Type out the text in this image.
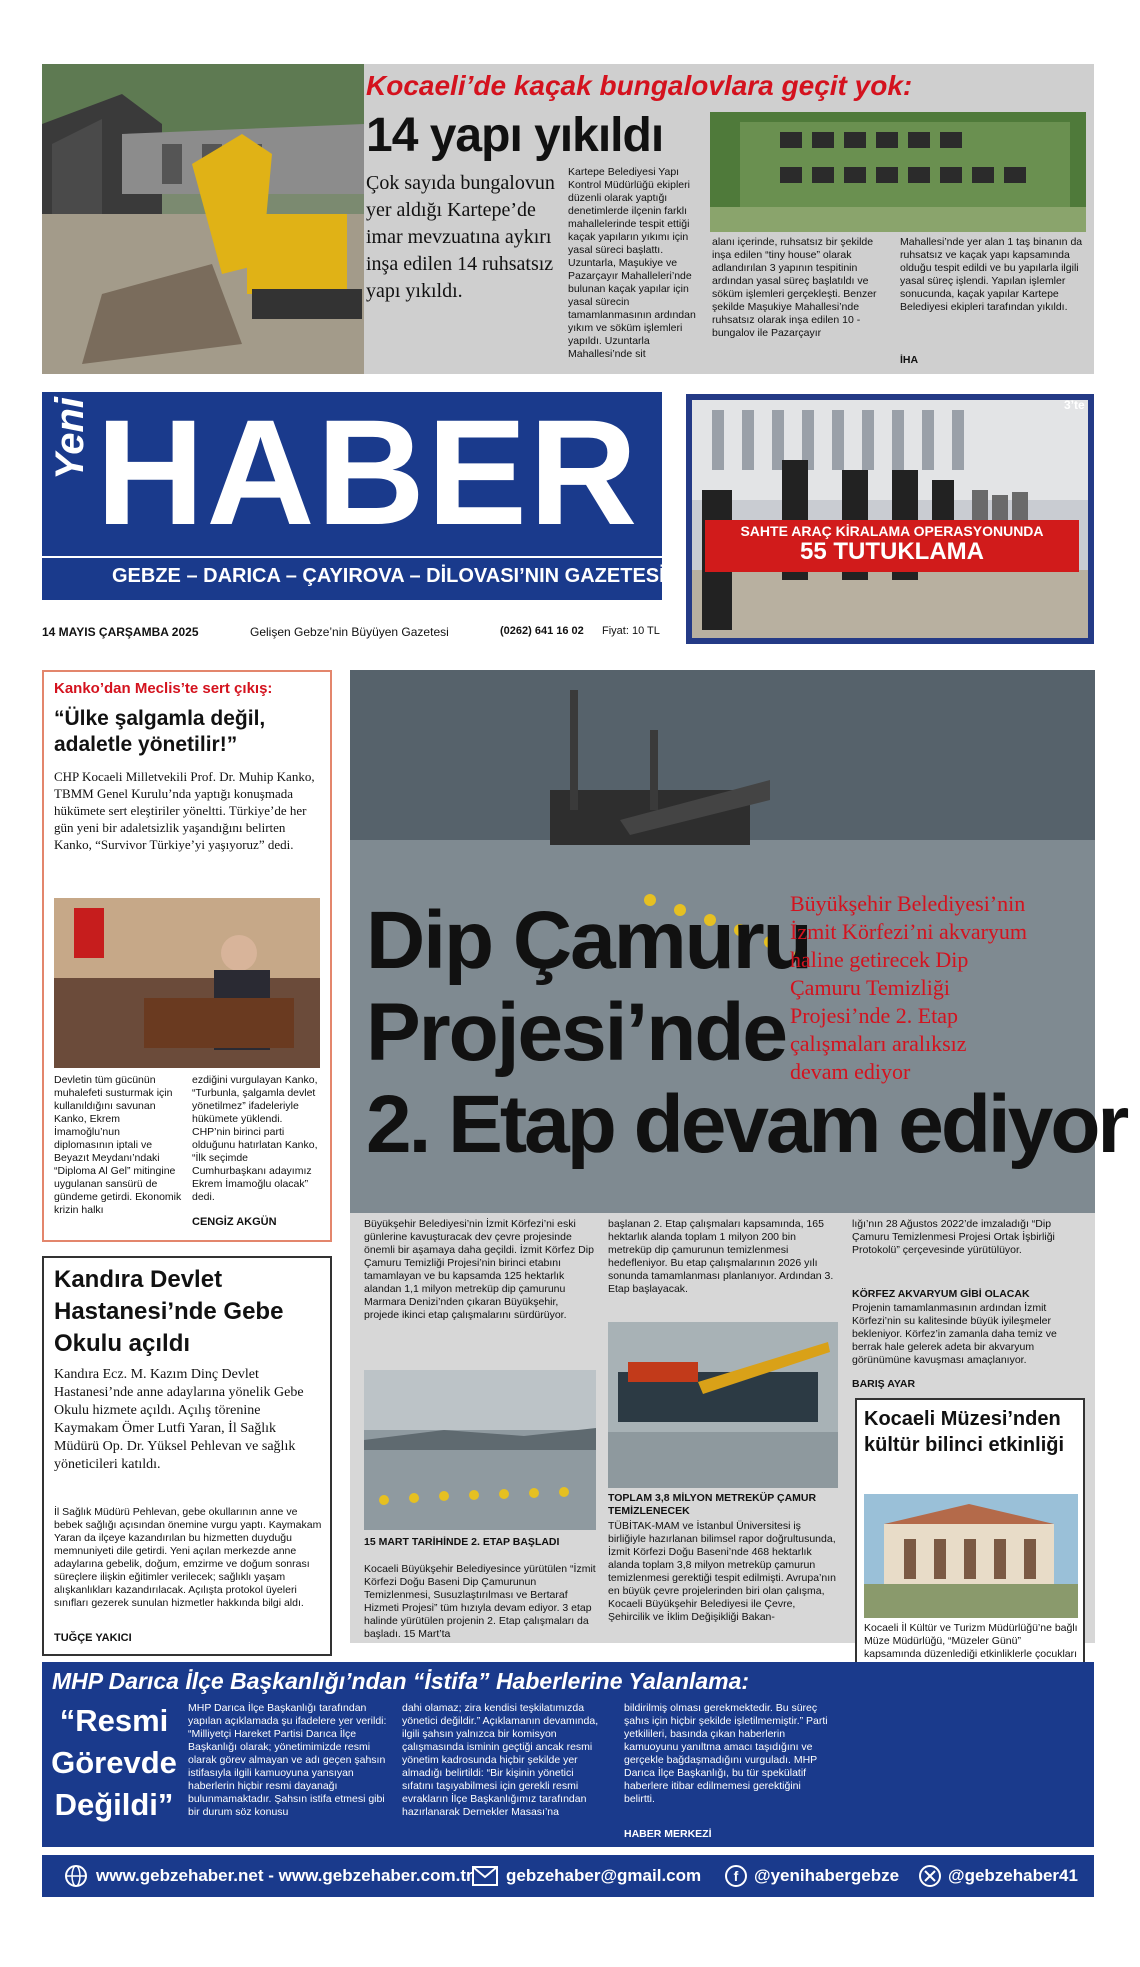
Kocaeli’de kaçak bungalovlara geçit yok:
14 yapı yıkıldı
Çok sayıda bungalovun yer aldığı Kartepe’de imar mevzuatına aykırı inşa edilen 14 ruhsatsız yapı yıkıldı.
Kartepe Belediyesi Yapı Kontrol Müdürlüğü ekipleri düzenli olarak yaptığı denetimlerde ilçenin farklı mahallelerinde tespit ettiği kaçak yapıların yıkımı için yasal süreci başlattı. Uzuntarla, Maşukiye ve Pazarçayır Mahalleleri’nde bulunan kaçak yapılar için yasal sürecin tamamlanmasının ardından yıkım ve söküm işlemleri yapıldı. Uzuntarla Mahallesi’nde sit
alanı içerinde, ruhsatsız bir şekilde inşa edilen “tiny house” olarak adlandırılan 3 yapının tespitinin ardından yasal süreç başlatıldı ve söküm işlemleri gerçekleşti. Benzer şekilde Maşukiye Mahallesi’nde ruhsatsız olarak inşa edilen 10 -bungalov ile Pazarçayır
Mahallesi’nde yer alan 1 taş binanın da ruhsatsız ve kaçak yapı kapsamında olduğu tespit edildi ve bu yapılarla ilgili yasal süreç işlendi. Yapılan işlemler sonucunda, kaçak yapılar Kartepe Belediyesi ekipleri tarafından yıkıldı.
İHA
Yeni HABER
GEBZE – DARICA – ÇAYIROVA – DİLOVASI’NIN GAZETESİ
14 MAYIS ÇARŞAMBA 2025	Gelişen Gebze’nin Büyüyen Gazetesi	(0262) 641 16 02 Fiyat: 10 TL
3’te
SAHTE ARAÇ KİRALAMA OPERASYONUNDA
55 TUTUKLAMA
Kanko’dan Meclis’te sert çıkış:
“Ülke şalgamla değil, adaletle yönetilir!”
CHP Kocaeli Milletvekili Prof. Dr. Muhip Kanko, TBMM Genel Kurulu’nda yaptığı konuşmada hükümete sert eleştiriler yöneltti. Türkiye’de her gün yeni bir adaletsizlik yaşandığını belirten Kanko, “Survivor Türkiye’yi yaşıyoruz” dedi.
Devletin tüm gücünün muhalefeti susturmak için kullanıldığını savunan Kanko, Ekrem İmamoğlu’nun diplomasının iptali ve Beyazıt Meydanı’ndaki “Diploma Al Gel” mitingine uygulanan sansürü de gündeme getirdi. Ekonomik krizin halkı
ezdiğini vurgulayan Kanko, “Turbunla, şalgamla devlet yönetilmez” ifadeleriyle hükümete yüklendi. CHP’nin birinci parti olduğunu hatırlatan Kanko, “İlk seçimde Cumhurbaşkanı adayımız Ekrem İmamoğlu olacak” dedi.
CENGİZ AKGÜN
Kandıra Devlet Hastanesi’nde Gebe Okulu açıldı
Kandıra Ecz. M. Kazım Dinç Devlet Hastanesi’nde anne adaylarına yönelik Gebe Okulu hizmete açıldı. Açılış törenine Kaymakam Ömer Lutfi Yaran, İl Sağlık Müdürü Op. Dr. Yüksel Pehlevan ve sağlık yöneticileri katıldı.
İl Sağlık Müdürü Pehlevan, gebe okullarının anne ve bebek sağlığı açısından önemine vurgu yaptı. Kaymakam Yaran da ilçeye kazandırılan bu hizmetten duyduğu memnuniyeti dile getirdi. Yeni açılan merkezde anne adaylarına gebelik, doğum, emzirme ve doğum sonrası süreçlere ilişkin eğitimler verilecek; sağlıklı yaşam alışkanlıkları kazandırılacak. Açılışta protokol üyeleri sınıfları gezerek sunulan hizmetler hakkında bilgi aldı.
TUĞÇE YAKICI
Dip Çamuru
Projesi’nde
2. Etap devam ediyor
Büyükşehir Belediyesi’nin İzmit Körfezi’ni akvaryum haline getirecek Dip Çamuru Temizliği Projesi’nde 2. Etap çalışmaları aralıksız devam ediyor
Büyükşehir Belediyesi’nin İzmit Körfezi’ni eski günlerine kavuşturacak dev çevre projesinde önemli bir aşamaya daha geçildi. İzmit Körfez Dip Çamuru Temizliği Projesi’nin birinci etabını tamamlayan ve bu kapsamda 125 hektarlık alandan 1,1 milyon metreküp dip çamurunu Marmara Denizi’nden çıkaran Büyükşehir, projede ikinci etap çalışmalarını sürdürüyor.
15 MART TARİHİNDE 2. ETAP BAŞLADI
Kocaeli Büyükşehir Belediyesince yürütülen “İzmit Körfezi Doğu Baseni Dip Çamurunun Temizlenmesi, Susuzlaştırılması ve Bertaraf Hizmeti Projesi” tüm hızıyla devam ediyor. 3 etap halinde yürütülen projenin 2. Etap çalışmaları da başladı. 15 Mart’ta
başlanan 2. Etap çalışmaları kapsamında, 165 hektarlık alanda toplam 1 milyon 200 bin metreküp dip çamurunun temizlenmesi hedefleniyor. Bu etap çalışmalarının 2026 yılı sonunda tamamlanması planlanıyor. Ardından 3. Etap başlayacak.
TOPLAM 3,8 MİLYON METREKÜP ÇAMUR TEMİZLENECEK
TÜBİTAK-MAM ve İstanbul Üniversitesi iş birliğiyle hazırlanan bilimsel rapor doğrultusunda, İzmit Körfezi Doğu Baseni’nde 468 hektarlık alanda toplam 3,8 milyon metreküp çamurun temizlenmesi gerektiği tespit edilmişti. Avrupa’nın en büyük çevre projelerinden biri olan çalışma, Kocaeli Büyükşehir Belediyesi ile Çevre, Şehircilik ve İklim Değişikliği Bakan-
lığı’nın 28 Ağustos 2022’de imzaladığı “Dip Çamuru Temizlenmesi Projesi Ortak İşbirliği Protokolü” çerçevesinde yürütülüyor.
KÖRFEZ AKVARYUM GİBİ OLACAK
Projenin tamamlanmasının ardından İzmit Körfezi’nin su kalitesinde büyük iyileşmeler bekleniyor. Körfez’in zamanla daha temiz ve berrak hale gelerek adeta bir akvaryum görünümüne kavuşması amaçlanıyor.
BARIŞ AYAR
Kocaeli Müzesi’nden kültür bilinci etkinliği
Kocaeli İl Kültür ve Turizm Müdürlüğü’ne bağlı Müze Müdürlüğü, “Müzeler Günü” kapsamında düzenlediği etkinliklerle çocukları
MHP Darıca İlçe Başkanlığı’ndan “İstifa” Haberlerine Yalanlama:
“Resmi Görevde Değildi”
MHP Darıca İlçe Başkanlığı tarafından yapılan açıklamada şu ifadelere yer verildi: “Milliyetçi Hareket Partisi Darıca İlçe Başkanlığı olarak; yönetimimizde resmi olarak görev almayan ve adı geçen şahsın istifasıyla ilgili kamuoyuna yansıyan haberlerin hiçbir resmi dayanağı bulunmamaktadır. Şahsın istifa etmesi gibi bir durum söz konusu
dahi olamaz; zira kendisi teşkilatımızda yönetici değildir.” Açıklamanın devamında, ilgili şahsın yalnızca bir komisyon çalışmasında isminin geçtiği ancak resmi yönetim kadrosunda hiçbir şekilde yer almadığı belirtildi: “Bir kişinin yönetici sıfatını taşıyabilmesi için gerekli resmi evrakların İlçe Başkanlığımız tarafından hazırlanarak Dernekler Masası’na
bildirilmiş olması gerekmektedir. Bu süreç şahıs için hiçbir şekilde işletilmemiştir.” Parti yetkilileri, basında çıkan haberlerin kamuoyunu yanıltma amacı taşıdığını ve gerçekle bağdaşmadığını vurguladı. MHP Darıca İlçe Başkanlığı, bu tür spekülatif haberlere itibar edilmemesi gerektiğini belirtti.
HABER MERKEZİ
www.gebzehaber.net - www.gebzehaber.com.tr gebzehaber@gmail.com f @yenihabergebze	@gebzehaber41
